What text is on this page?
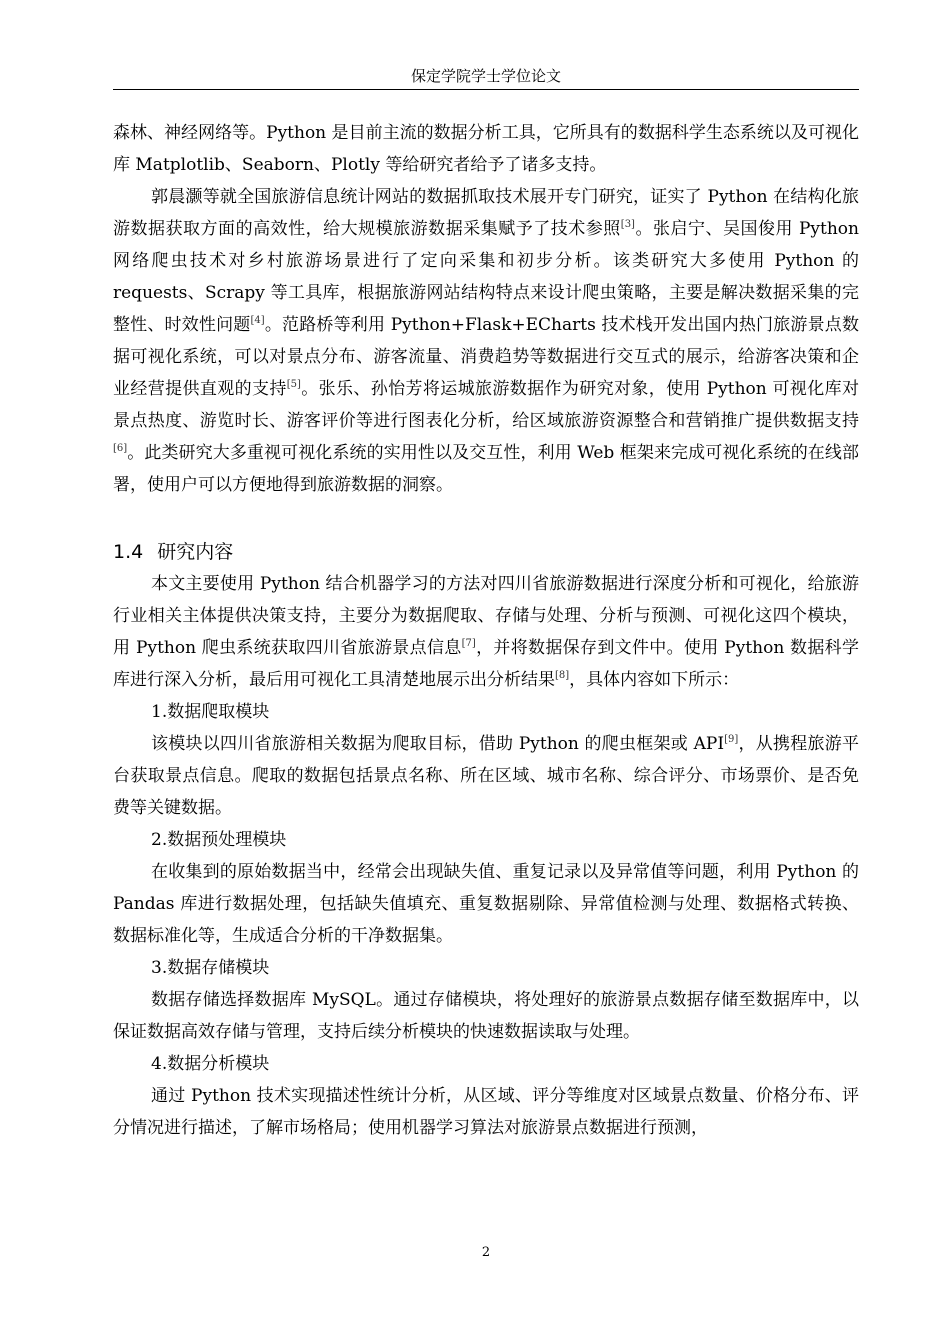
保定学院学士学位论文

森林、神经网络等。Python 是目前主流的数据分析工具，它所具有的数据科学生态系统以及可视化库 Matplotlib、Seaborn、Plotly 等给研究者给予了诸多支持。

郭晨灏等就全国旅游信息统计网站的数据抓取技术展开专门研究，证实了 Python 在结构化旅游数据获取方面的高效性，给大规模旅游数据采集赋予了技术参照[3]。张启宁、吴国俊用 Python 网络爬虫技术对乡村旅游场景进行了定向采集和初步分析。该类研究大多使用 Python 的 requests、Scrapy 等工具库，根据旅游网站结构特点来设计爬虫策略，主要是解决数据采集的完整性、时效性问题[4]。范路桥等利用 Python+Flask+ECharts 技术栈开发出国内热门旅游景点数据可视化系统，可以对景点分布、游客流量、消费趋势等数据进行交互式的展示，给游客决策和企业经营提供直观的支持[5]。张乐、孙怡芳将运城旅游数据作为研究对象，使用 Python 可视化库对景点热度、游览时长、游客评价等进行图表化分析，给区域旅游资源整合和营销推广提供数据支持[6]。此类研究大多重视可视化系统的实用性以及交互性，利用 Web 框架来完成可视化系统的在线部署，使用户可以方便地得到旅游数据的洞察。

1.4 研究内容

本文主要使用 Python 结合机器学习的方法对四川省旅游数据进行深度分析和可视化，给旅游行业相关主体提供决策支持，主要分为数据爬取、存储与处理、分析与预测、可视化这四个模块，用 Python 爬虫系统获取四川省旅游景点信息[7]，并将数据保存到文件中。使用 Python 数据科学库进行深入分析，最后用可视化工具清楚地展示出分析结果[8]，具体内容如下所示：

1.数据爬取模块

该模块以四川省旅游相关数据为爬取目标，借助 Python 的爬虫框架或 API[9]，从携程旅游平台获取景点信息。爬取的数据包括景点名称、所在区域、城市名称、综合评分、市场票价、是否免费等关键数据。

2.数据预处理模块

在收集到的原始数据当中，经常会出现缺失值、重复记录以及异常值等问题，利用 Python 的 Pandas 库进行数据处理，包括缺失值填充、重复数据剔除、异常值检测与处理、数据格式转换、数据标准化等，生成适合分析的干净数据集。

3.数据存储模块

数据存储选择数据库 MySQL。通过存储模块，将处理好的旅游景点数据存储至数据库中，以保证数据高效存储与管理，支持后续分析模块的快速数据读取与处理。

4.数据分析模块

通过 Python 技术实现描述性统计分析，从区域、评分等维度对区域景点数量、价格分布、评分情况进行描述，了解市场格局；使用机器学习算法对旅游景点数据进行预测，

2
